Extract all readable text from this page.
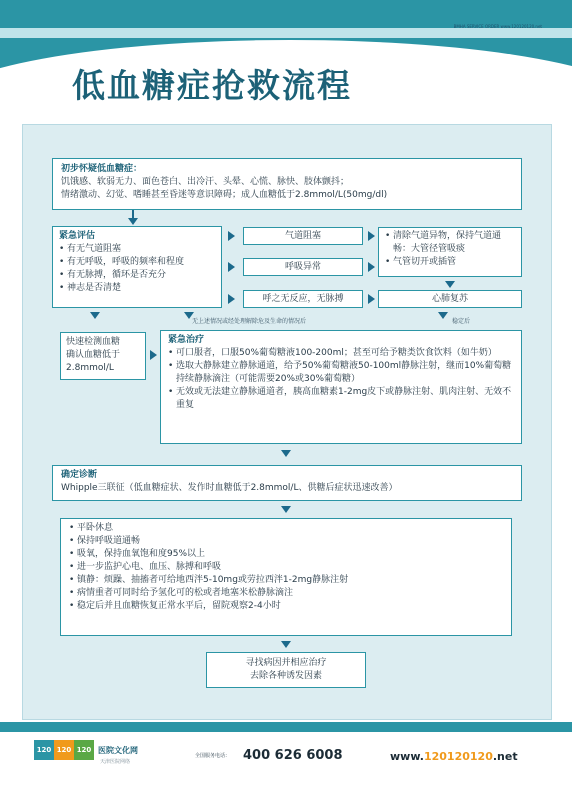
BMHA SERVICE ORDER www.120120120.net
低血糖症抢救流程
初步怀疑低血糖症：
饥饿感、软弱无力、面色苍白、出冷汗、头晕、心慌、脉快、肢体颤抖；
情绪激动、幻觉、嗜睡甚至昏迷等意识障碍；成人血糖低于2.8mmol/L(50mg/dl)
紧急评估
• 有无气道阻塞
• 有无呼吸，呼吸的频率和程度
• 有无脉搏，循环是否充分
• 神志是否清楚
气道阻塞
呼吸异常
呼之无反应，无脉搏
• 清除气道异物，保持气道通畅：大管径管吸痰
• 气管切开或插管
心肺复苏
无上述情况或经处理解除危及生命的情况后	稳定后
快速检测血糖
确认血糖低于
2.8mmol/L
紧急治疗
• 可口服者，口服50%葡萄糖液100-200ml；甚至可给予糖类饮食饮料（如牛奶）
• 选取大静脉建立静脉通道，给予50%葡萄糖液50-100ml静脉注射，继而10%葡萄糖持续静脉滴注（可能需要20%或30%葡萄糖）
• 无效或无法建立静脉通道者，胰高血糖素1-2mg皮下或静脉注射、肌肉注射、无效不重复
确定诊断
Whipple三联征（低血糖症状、发作时血糖低于2.8mmol/L、供糖后症状迅速改善）
• 平卧休息
• 保持呼吸道通畅
• 吸氧，保持血氧饱和度95%以上
• 进一步监护心电、血压、脉搏和呼吸
• 镇静：烦躁、抽搐者可给地西泮5-10mg或劳拉西泮1-2mg静脉注射
• 病情重者可同时给予氢化可的松或者地塞米松静脉滴注
• 稳定后并且血糖恢复正常水平后，留院观察2-4小时
寻找病因并相应治疗
去除各种诱发因素
120 120 120 医院文化网
天津医院网络
全国服务电话： 400 626 6008	www.120120120.net
